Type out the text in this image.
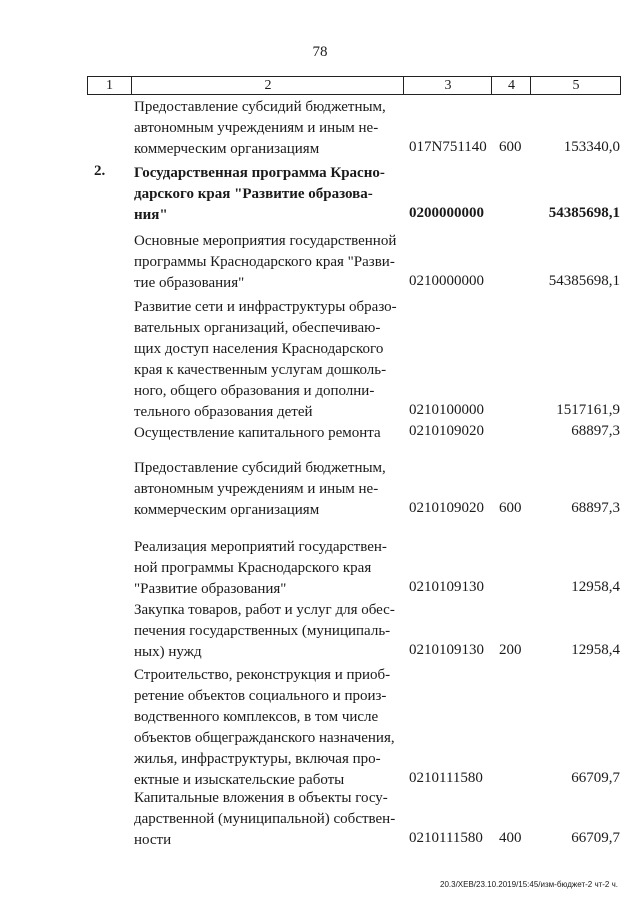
78
1	2	3	4	5
Предоставление субсидий бюджетным,
автономным учреждениям и иным не-
коммерческим организациям	017N751140 600	153340,0
2. Государственная программа Красно-
дарского края "Развитие образова-
ния"	0200000000	54385698,1
Основные мероприятия государственной
программы Краснодарского края "Разви-
тие образования"	0210000000	54385698,1
Развитие сети и инфраструктуры образо-
вательных организаций, обеспечиваю-
щих доступ населения Краснодарского
края к качественным услугам дошколь-
ного, общего образования и дополни-
тельного образования детей	0210100000	1517161,9
Осуществление капитального ремонта	0210109020	68897,3
Предоставление субсидий бюджетным,
автономным учреждениям и иным не-
коммерческим организациям	0210109020 600	68897,3
Реализация мероприятий государствен-
ной программы Краснодарского края
"Развитие образования"	0210109130	12958,4
Закупка товаров, работ и услуг для обес-
печения государственных (муниципаль-
ных) нужд	0210109130 200	12958,4
Строительство, реконструкция и приоб-
ретение объектов социального и произ-
водственного комплексов, в том числе
объектов общегражданского назначения,
жилья, инфраструктуры, включая про-
ектные и изыскательские работы	0210111580	66709,7
Капитальные вложения в объекты госу-
дарственной (муниципальной) собствен-
ности	0210111580 400	66709,7
20.3/ХЕВ/23.10.2019/15:45/изм-бюджет-2 чт-2 ч.
